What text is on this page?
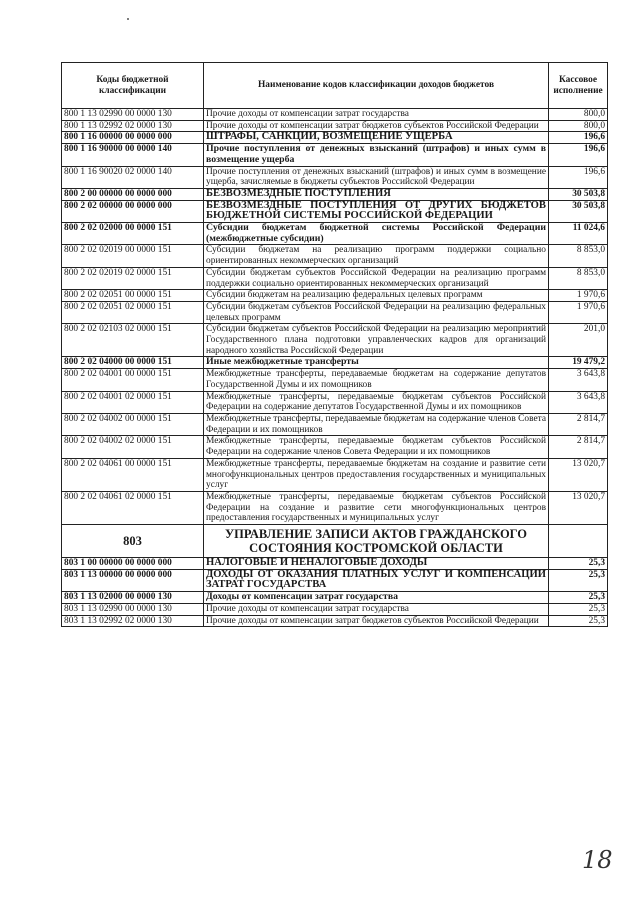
Коды бюджетной классификации	Наименование кодов классификации доходов бюджетов	Кассовое исполнение
800 1 13 02990 00 0000 130	Прочие доходы от компенсации затрат государства	800,0
800 1 13 02992 02 0000 130	Прочие доходы от компенсации затрат бюджетов субъектов Российской Федерации	800,0
800 1 16 00000 00 0000 000	ШТРАФЫ, САНКЦИИ, ВОЗМЕЩЕНИЕ УЩЕРБА	196,6
800 1 16 90000 00 0000 140	Прочие поступления от денежных взысканий (штрафов) и иных сумм в возмещение ущерба	196,6
800 1 16 90020 02 0000 140	Прочие поступления от денежных взысканий (штрафов) и иных сумм в возмещение ущерба, зачисляемые в бюджеты субъектов Российской Федерации	196,6
800 2 00 00000 00 0000 000	БЕЗВОЗМЕЗДНЫЕ ПОСТУПЛЕНИЯ	30 503,8
800 2 02 00000 00 0000 000	БЕЗВОЗМЕЗДНЫЕ ПОСТУПЛЕНИЯ ОТ ДРУГИХ БЮДЖЕТОВ БЮДЖЕТНОЙ СИСТЕМЫ РОССИЙСКОЙ ФЕДЕРАЦИИ	30 503,8
800 2 02 02000 00 0000 151	Субсидии бюджетам бюджетной системы Российской Федерации (межбюджетные субсидии)	11 024,6
800 2 02 02019 00 0000 151	Субсидии бюджетам на реализацию программ поддержки социально ориентированных некоммерческих организаций	8 853,0
800 2 02 02019 02 0000 151	Субсидии бюджетам субъектов Российской Федерации на реализацию программ поддержки социально ориентированных некоммерческих организаций	8 853,0
800 2 02 02051 00 0000 151	Субсидии бюджетам на реализацию федеральных целевых программ	1 970,6
800 2 02 02051 02 0000 151	Субсидии бюджетам субъектов Российской Федерации на реализацию федеральных целевых программ	1 970,6
800 2 02 02103 02 0000 151	Субсидии бюджетам субъектов Российской Федерации на реализацию мероприятий Государственного плана подготовки управленческих кадров для организаций народного хозяйства Российской Федерации	201,0
800 2 02 04000 00 0000 151	Иные межбюджетные трансферты	19 479,2
800 2 02 04001 00 0000 151	Межбюджетные трансферты, передаваемые бюджетам на содержание депутатов Государственной Думы и их помощников	3 643,8
800 2 02 04001 02 0000 151	Межбюджетные трансферты, передаваемые бюджетам субъектов Российской Федерации на содержание депутатов Государственной Думы и их помощников	3 643,8
800 2 02 04002 00 0000 151	Межбюджетные трансферты, передаваемые бюджетам на содержание членов Совета Федерации и их помощников	2 814,7
800 2 02 04002 02 0000 151	Межбюджетные трансферты, передаваемые бюджетам субъектов Российской Федерации на содержание членов Совета Федерации и их помощников	2 814,7
800 2 02 04061 00 0000 151	Межбюджетные трансферты, передаваемые бюджетам на создание и развитие сети многофункциональных центров предоставления государственных и муниципальных услуг	13 020,7
800 2 02 04061 02 0000 151	Межбюджетные трансферты, передаваемые бюджетам субъектов Российской Федерации на создание и развитие сети многофункциональных центров предоставления государственных и муниципальных услуг	13 020,7
803	УПРАВЛЕНИЕ ЗАПИСИ АКТОВ ГРАЖДАНСКОГО СОСТОЯНИЯ КОСТРОМСКОЙ ОБЛАСТИ	
803 1 00 00000 00 0000 000	НАЛОГОВЫЕ И НЕНАЛОГОВЫЕ ДОХОДЫ	25,3
803 1 13 00000 00 0000 000	ДОХОДЫ ОТ ОКАЗАНИЯ ПЛАТНЫХ УСЛУГ И КОМПЕНСАЦИИ ЗАТРАТ ГОСУДАРСТВА	25,3
803 1 13 02000 00 0000 130	Доходы от компенсации затрат государства	25,3
803 1 13 02990 00 0000 130	Прочие доходы от компенсации затрат государства	25,3
803 1 13 02992 02 0000 130	Прочие доходы от компенсации затрат бюджетов субъектов Российской Федерации	25,3
18
